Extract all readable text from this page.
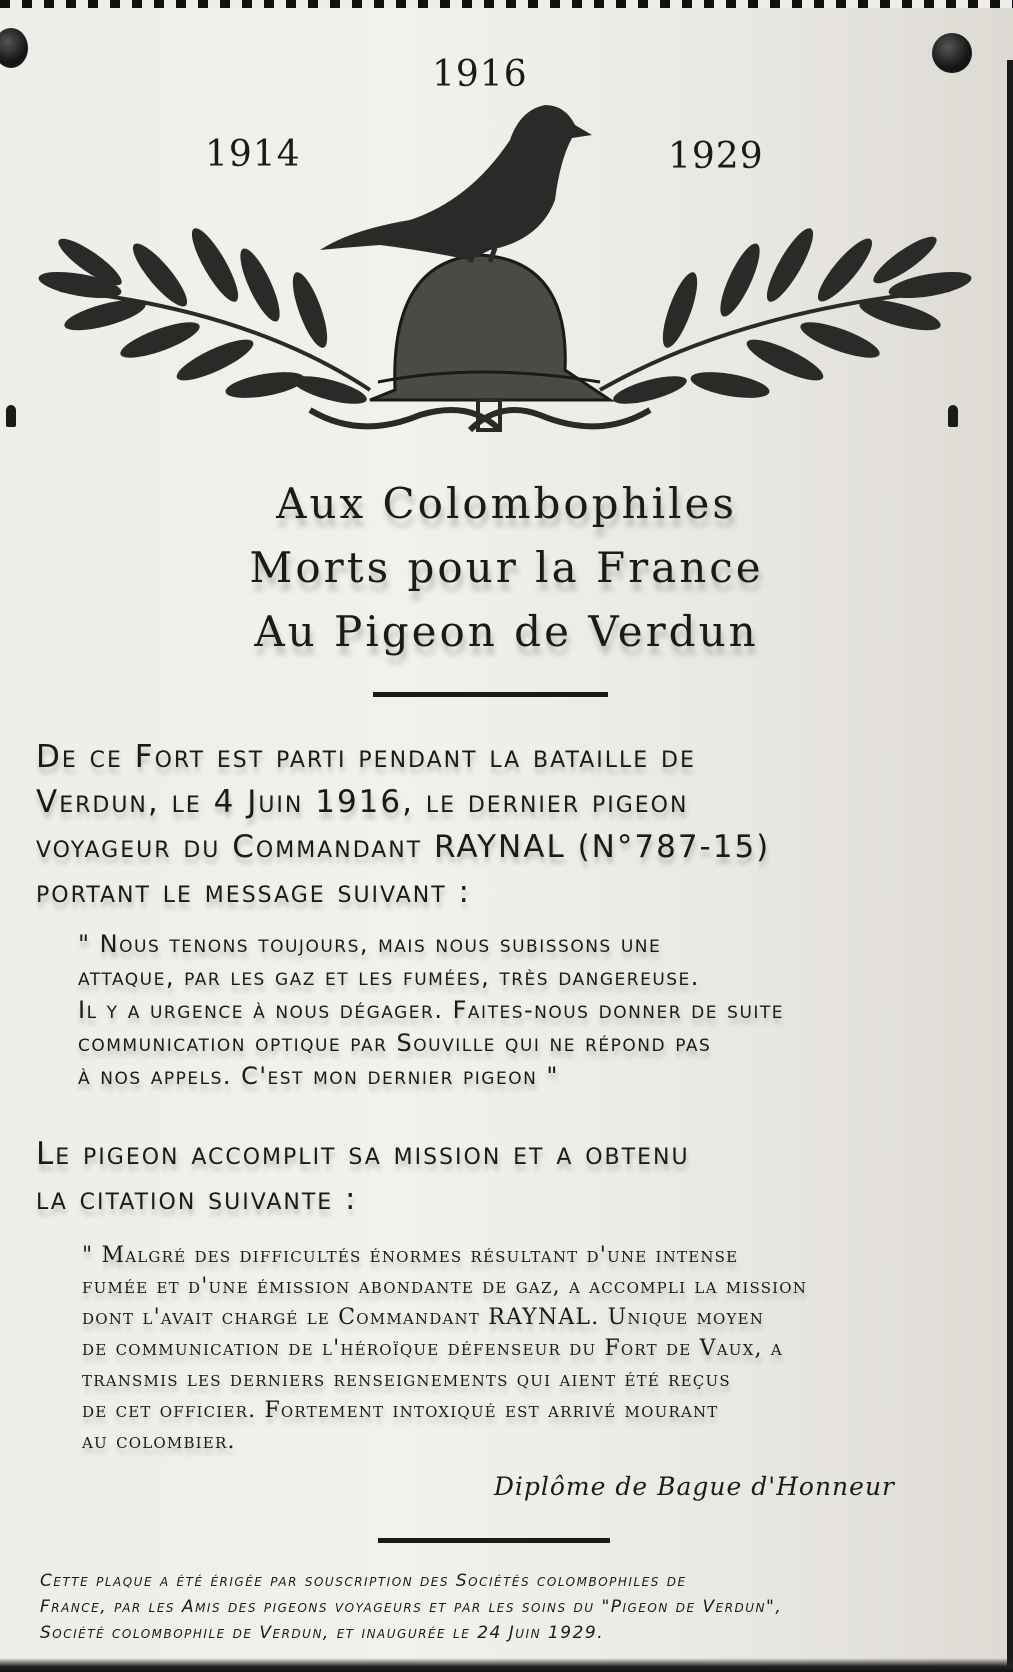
1914
1916
1929
Aux Colombophiles
Morts pour la France
Au Pigeon de Verdun
De ce Fort est parti pendant la bataille de
Verdun, le 4 Juin 1916, le dernier pigeon
voyageur du Commandant RAYNAL (N°787-15)
portant le message suivant :
" Nous tenons toujours, mais nous subissons une
attaque, par les gaz et les fumées, très dangereuse.
Il y a urgence à nous dégager. Faites-nous donner de suite
communication optique par Souville qui ne répond pas
à nos appels. C'est mon dernier pigeon "
Le pigeon accomplit sa mission et a obtenu
la citation suivante :
" Malgré des difficultés énormes résultant d'une intense
fumée et d'une émission abondante de gaz, a accompli la mission
dont l'avait chargé le Commandant RAYNAL. Unique moyen
de communication de l'héroïque défenseur du Fort de Vaux, a
transmis les derniers renseignements qui aient été reçus
de cet officier. Fortement intoxiqué est arrivé mourant
au colombier.
Diplôme de Bague d'Honneur
Cette plaque a été érigée par souscription des Sociétés colombophiles de
France, par les Amis des pigeons voyageurs et par les soins du "Pigeon de Verdun",
Société colombophile de Verdun, et inaugurée le 24 Juin 1929.
